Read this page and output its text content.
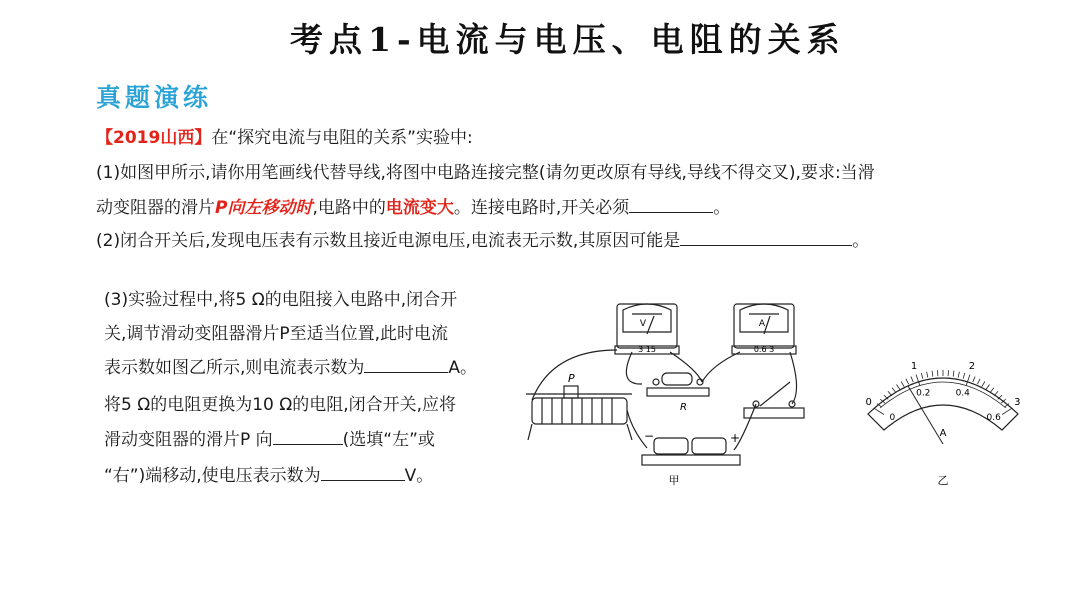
考点1-电流与电压、电阻的关系
真题演练
【2019山西】在“探究电流与电阻的关系”实验中:
(1)如图甲所示,请你用笔画线代替导线,将图中电路连接完整(请勿更改原有导线,导线不得交叉),要求:当滑
动变阻器的滑片P向左移动时,电路中的电流变大。连接电路时,开关必须	。
(2)闭合开关后,发现电压表有示数且接近电源电压,电流表无示数,其原因可能是	。
(3)实验过程中,将5 Ω的电阻接入电路中,闭合开
关,调节滑动变阻器滑片P至适当位置,此时电流
表示数如图乙所示,则电流表示数为	A。
将5 Ω的电阻更换为10 Ω的电阻,闭合开关,应将
滑动变阻器的滑片P 向	(选填“左”或
“右”)端移动,使电压表示数为	V。
V
3 15
A
0.6 3
P
R
−	+
甲
0
1	2
3
0
0.2	0.4
0.6
A
乙
